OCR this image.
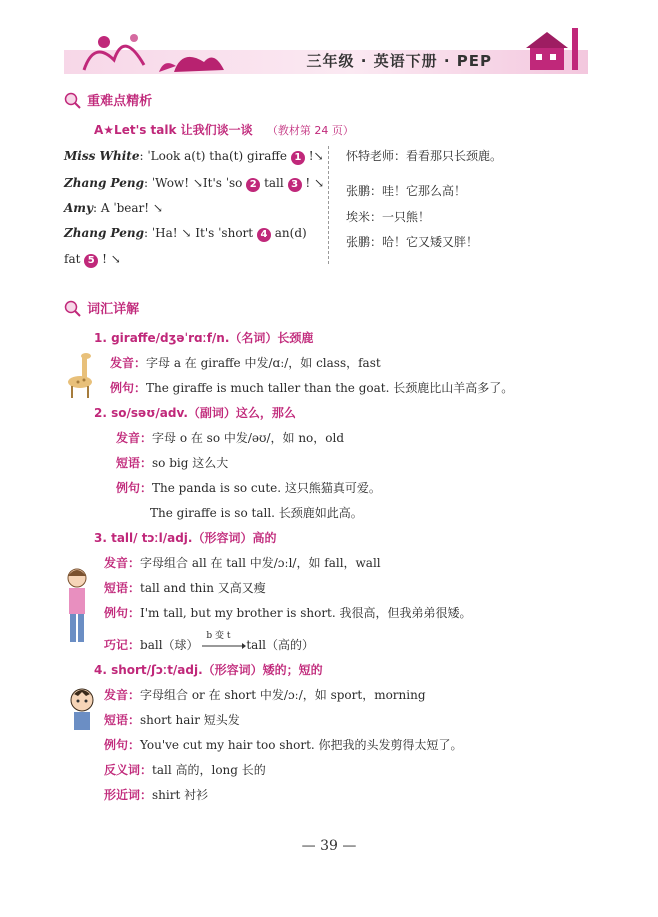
三年级 · 英语下册 · PEP
重难点精析
A★Let's talk 让我们谈一谈 （教材第 24 页）
Miss White: ˈLook a(t) tha(t) giraffe 1 !↘
Zhang Peng: ˈWow! ↘It's ˈso 2 tall 3 ! ↘
Amy: A ˈbear! ↘
Zhang Peng: ˈHa! ↘ It's ˈshort 4 an(d)
fat 5 ! ↘
怀特老师：看看那只长颈鹿。
张鹏：哇！它那么高！
埃米：一只熊！
张鹏：哈！它又矮又胖！
词汇详解
1. giraffe/dʒəˈrɑːf/n.（名词）长颈鹿
发音：字母 a 在 giraffe 中发/ɑː/，如 class，fast
例句：The giraffe is much taller than the goat. 长颈鹿比山羊高多了。
2. so/səʊ/adv.（副词）这么，那么
发音：字母 o 在 so 中发/əʊ/，如 no，old
短语：so big 这么大
例句：The panda is so cute. 这只熊猫真可爱。
The giraffe is so tall. 长颈鹿如此高。
3. tall/ tɔːl/adj.（形容词）高的
发音：字母组合 all 在 tall 中发/ɔːl/，如 fall，wall
短语：tall and thin 又高又瘦
例句：I'm tall, but my brother is short. 我很高，但我弟弟很矮。
巧记：ball（球）
b 变 t
tall（高的）
4. short/ʃɔːt/adj.（形容词）矮的；短的
发音：字母组合 or 在 short 中发/ɔː/，如 sport，morning
短语：short hair 短头发
例句：You've cut my hair too short. 你把我的头发剪得太短了。
反义词：tall 高的，long 长的
形近词：shirt 衬衫
— 39 —
